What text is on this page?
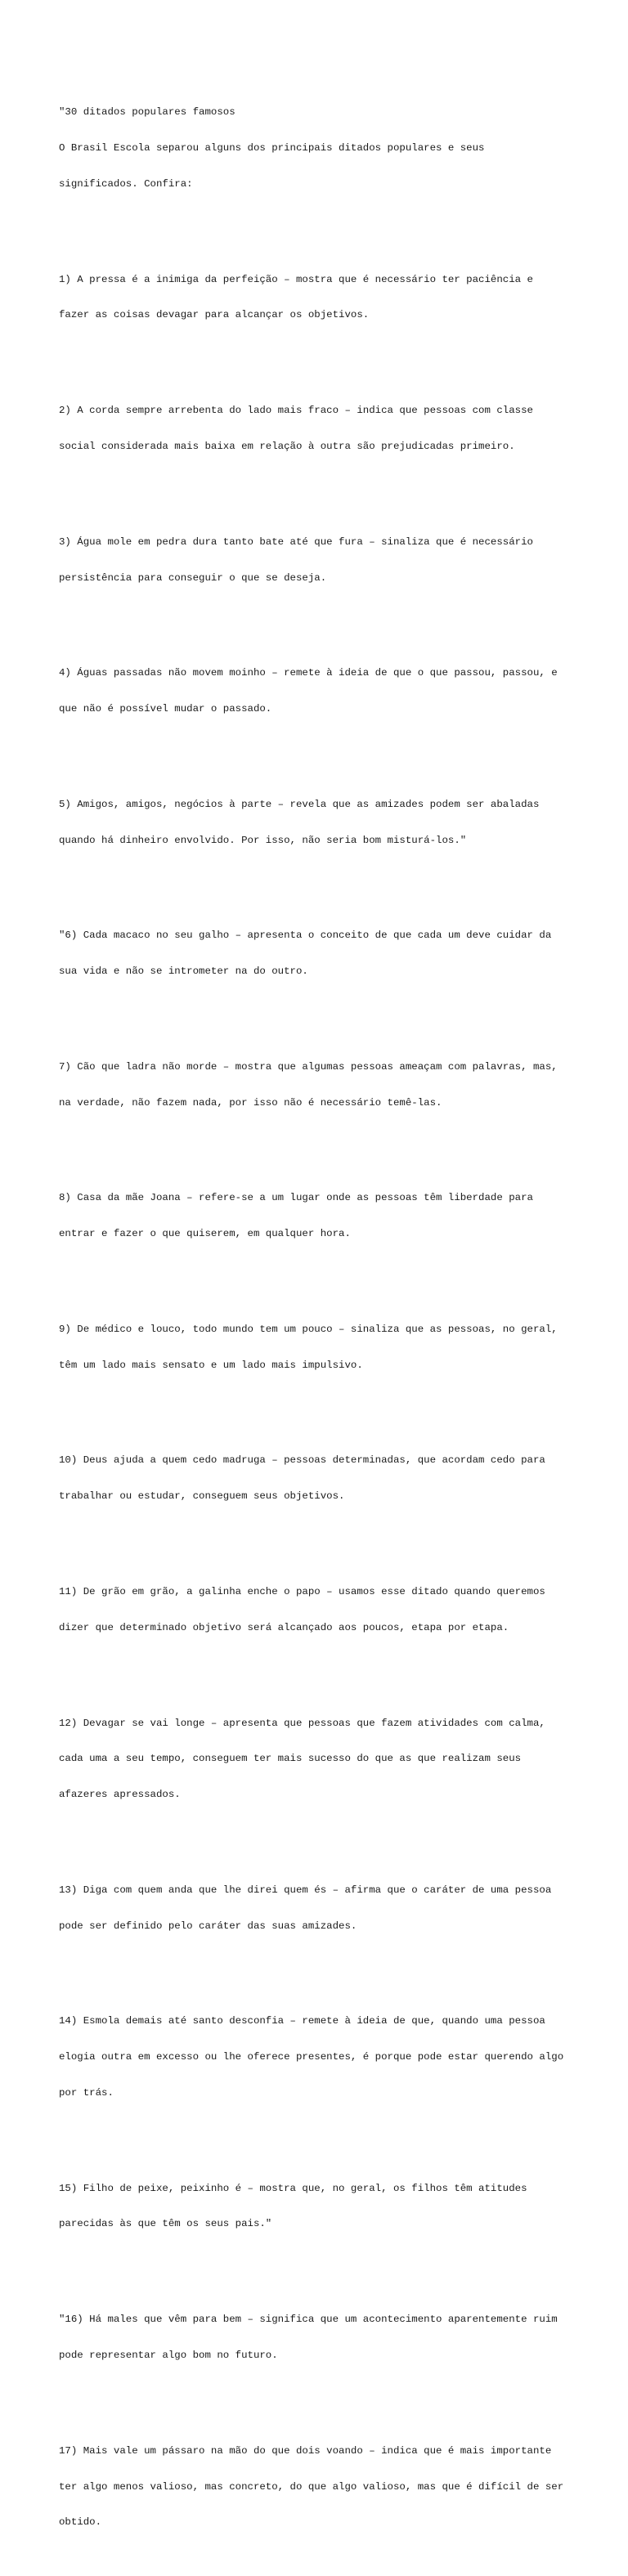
"30 ditados populares famosos

O Brasil Escola separou alguns dos principais ditados populares e seus

significados. Confira:

1) A pressa é a inimiga da perfeição – mostra que é necessário ter paciência e

fazer as coisas devagar para alcançar os objetivos.

2) A corda sempre arrebenta do lado mais fraco – indica que pessoas com classe

social considerada mais baixa em relação à outra são prejudicadas primeiro.

3) Água mole em pedra dura tanto bate até que fura – sinaliza que é necessário

persistência para conseguir o que se deseja.

4) Águas passadas não movem moinho – remete à ideia de que o que passou, passou, e

que não é possível mudar o passado.

5) Amigos, amigos, negócios à parte – revela que as amizades podem ser abaladas

quando há dinheiro envolvido. Por isso, não seria bom misturá-los."

"6) Cada macaco no seu galho – apresenta o conceito de que cada um deve cuidar da

sua vida e não se intrometer na do outro.

7) Cão que ladra não morde – mostra que algumas pessoas ameaçam com palavras, mas,

na verdade, não fazem nada, por isso não é necessário temê-las.

8) Casa da mãe Joana – refere-se a um lugar onde as pessoas têm liberdade para

entrar e fazer o que quiserem, em qualquer hora.

9) De médico e louco, todo mundo tem um pouco – sinaliza que as pessoas, no geral,

têm um lado mais sensato e um lado mais impulsivo.

10) Deus ajuda a quem cedo madruga – pessoas determinadas, que acordam cedo para

trabalhar ou estudar, conseguem seus objetivos.

11) De grão em grão, a galinha enche o papo – usamos esse ditado quando queremos

dizer que determinado objetivo será alcançado aos poucos, etapa por etapa.

12) Devagar se vai longe – apresenta que pessoas que fazem atividades com calma,

cada uma a seu tempo, conseguem ter mais sucesso do que as que realizam seus

afazeres apressados.

13) Diga com quem anda que lhe direi quem és – afirma que o caráter de uma pessoa

pode ser definido pelo caráter das suas amizades.

14) Esmola demais até santo desconfia – remete à ideia de que, quando uma pessoa

elogia outra em excesso ou lhe oferece presentes, é porque pode estar querendo algo

por trás.

15) Filho de peixe, peixinho é – mostra que, no geral, os filhos têm atitudes

parecidas às que têm os seus pais."

"16) Há males que vêm para bem – significa que um acontecimento aparentemente ruim

pode representar algo bom no futuro.

17) Mais vale um pássaro na mão do que dois voando – indica que é mais importante

ter algo menos valioso, mas concreto, do que algo valioso, mas que é difícil de ser

obtido.
